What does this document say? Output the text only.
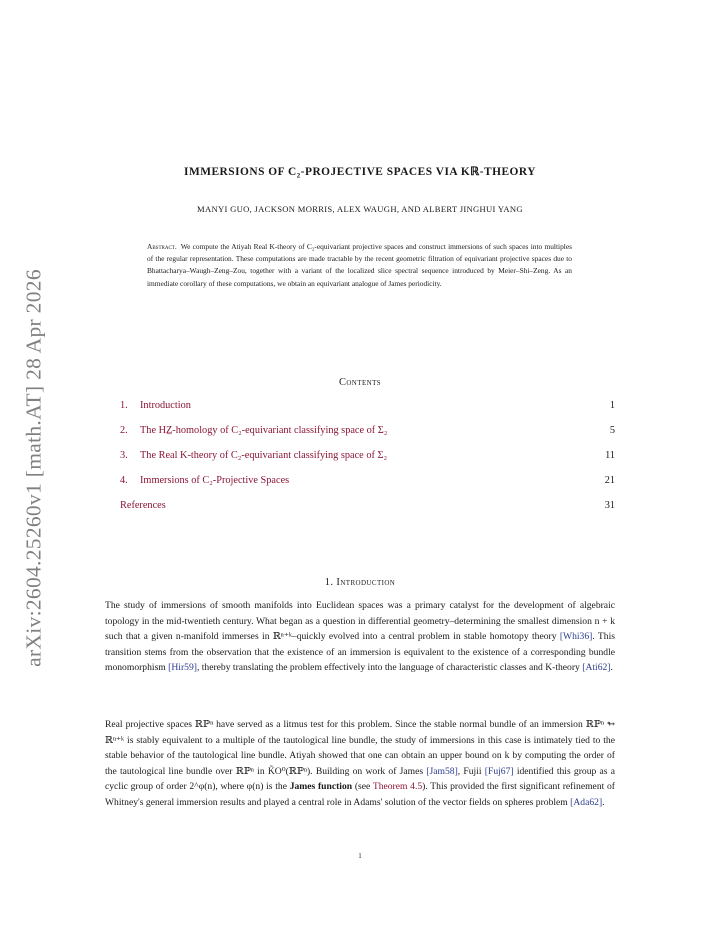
arXiv:2604.25260v1 [math.AT] 28 Apr 2026
IMMERSIONS OF C₂-PROJECTIVE SPACES VIA Kℝ-THEORY
MANYI GUO, JACKSON MORRIS, ALEX WAUGH, AND ALBERT JINGHUI YANG
Abstract. We compute the Atiyah Real K-theory of C₂-equivariant projective spaces and construct immersions of such spaces into multiples of the regular representation. These computations are made tractable by the recent geometric filtration of equivariant projective spaces due to Bhattacharya–Waugh–Zeng–Zou, together with a variant of the localized slice spectral sequence introduced by Meier–Shi–Zeng. As an immediate corollary of these computations, we obtain an equivariant analogue of James periodicity.
Contents
1. Introduction	1
2. The HZ̲-homology of C₂-equivariant classifying space of Σ₂	5
3. The Real K-theory of C₂-equivariant classifying space of Σ₂	11
4. Immersions of C₂-Projective Spaces	21
References	31
1. Introduction

The study of immersions of smooth manifolds into Euclidean spaces was a primary catalyst for the development of algebraic topology in the mid-twentieth century. What began as a question in differential geometry–determining the smallest dimension n + k such that a given n-manifold immerses in ℝⁿ⁺ᵏ–quickly evolved into a central problem in stable homotopy theory [Whi36]. This transition stems from the observation that the existence of an immersion is equivalent to the existence of a corresponding bundle monomorphism [Hir59], thereby translating the problem effectively into the language of characteristic classes and K-theory [Ati62].

Real projective spaces ℝℙⁿ have served as a litmus test for this problem. Since the stable normal bundle of an immersion ℝℙⁿ ↬ ℝⁿ⁺ᵏ is stably equivalent to a multiple of the tautological line bundle, the study of immersions in this case is intimately tied to the stable behavior of the tautological line bundle. Atiyah showed that one can obtain an upper bound on k by computing the order of the tautological line bundle over ℝℙⁿ in K̃O⁰(ℝℙⁿ). Building on work of James [Jam58], Fujii [Fuj67] identified this group as a cyclic group of order 2^φ(n), where φ(n) is the James function (see Theorem 4.5). This provided the first significant refinement of Whitney's general immersion results and played a central role in Adams' solution of the vector fields on spheres problem [Ada62].

1
